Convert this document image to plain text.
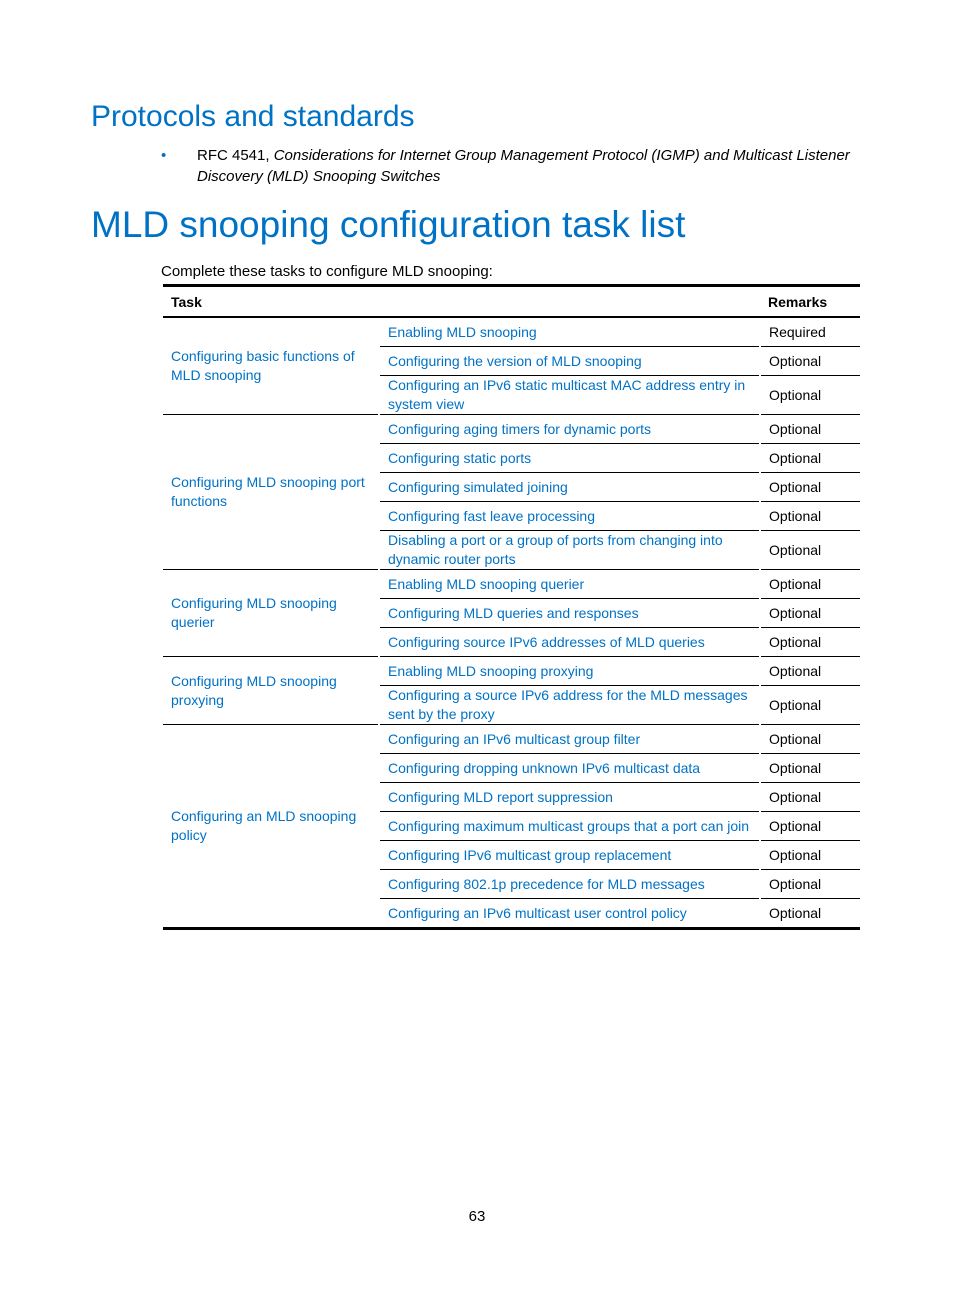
Protocols and standards
• RFC 4541, Considerations for Internet Group Management Protocol (IGMP) and Multicast Listener Discovery (MLD) Snooping Switches
MLD snooping configuration task list
Complete these tasks to configure MLD snooping:
Task		Remarks
Configuring basic functions of MLD snooping	Enabling MLD snooping	Required
	Configuring the version of MLD snooping	Optional
	Configuring an IPv6 static multicast MAC address entry in system view	Optional
Configuring MLD snooping port functions	Configuring aging timers for dynamic ports	Optional
	Configuring static ports	Optional
	Configuring simulated joining	Optional
	Configuring fast leave processing	Optional
	Disabling a port or a group of ports from changing into dynamic router ports	Optional
Configuring MLD snooping querier	Enabling MLD snooping querier	Optional
	Configuring MLD queries and responses	Optional
	Configuring source IPv6 addresses of MLD queries	Optional
Configuring MLD snooping proxying	Enabling MLD snooping proxying	Optional
	Configuring a source IPv6 address for the MLD messages sent by the proxy	Optional
Configuring an MLD snooping policy	Configuring an IPv6 multicast group filter	Optional
	Configuring dropping unknown IPv6 multicast data	Optional
	Configuring MLD report suppression	Optional
	Configuring maximum multicast groups that a port can join	Optional
	Configuring IPv6 multicast group replacement	Optional
	Configuring 802.1p precedence for MLD messages	Optional
	Configuring an IPv6 multicast user control policy	Optional
63
